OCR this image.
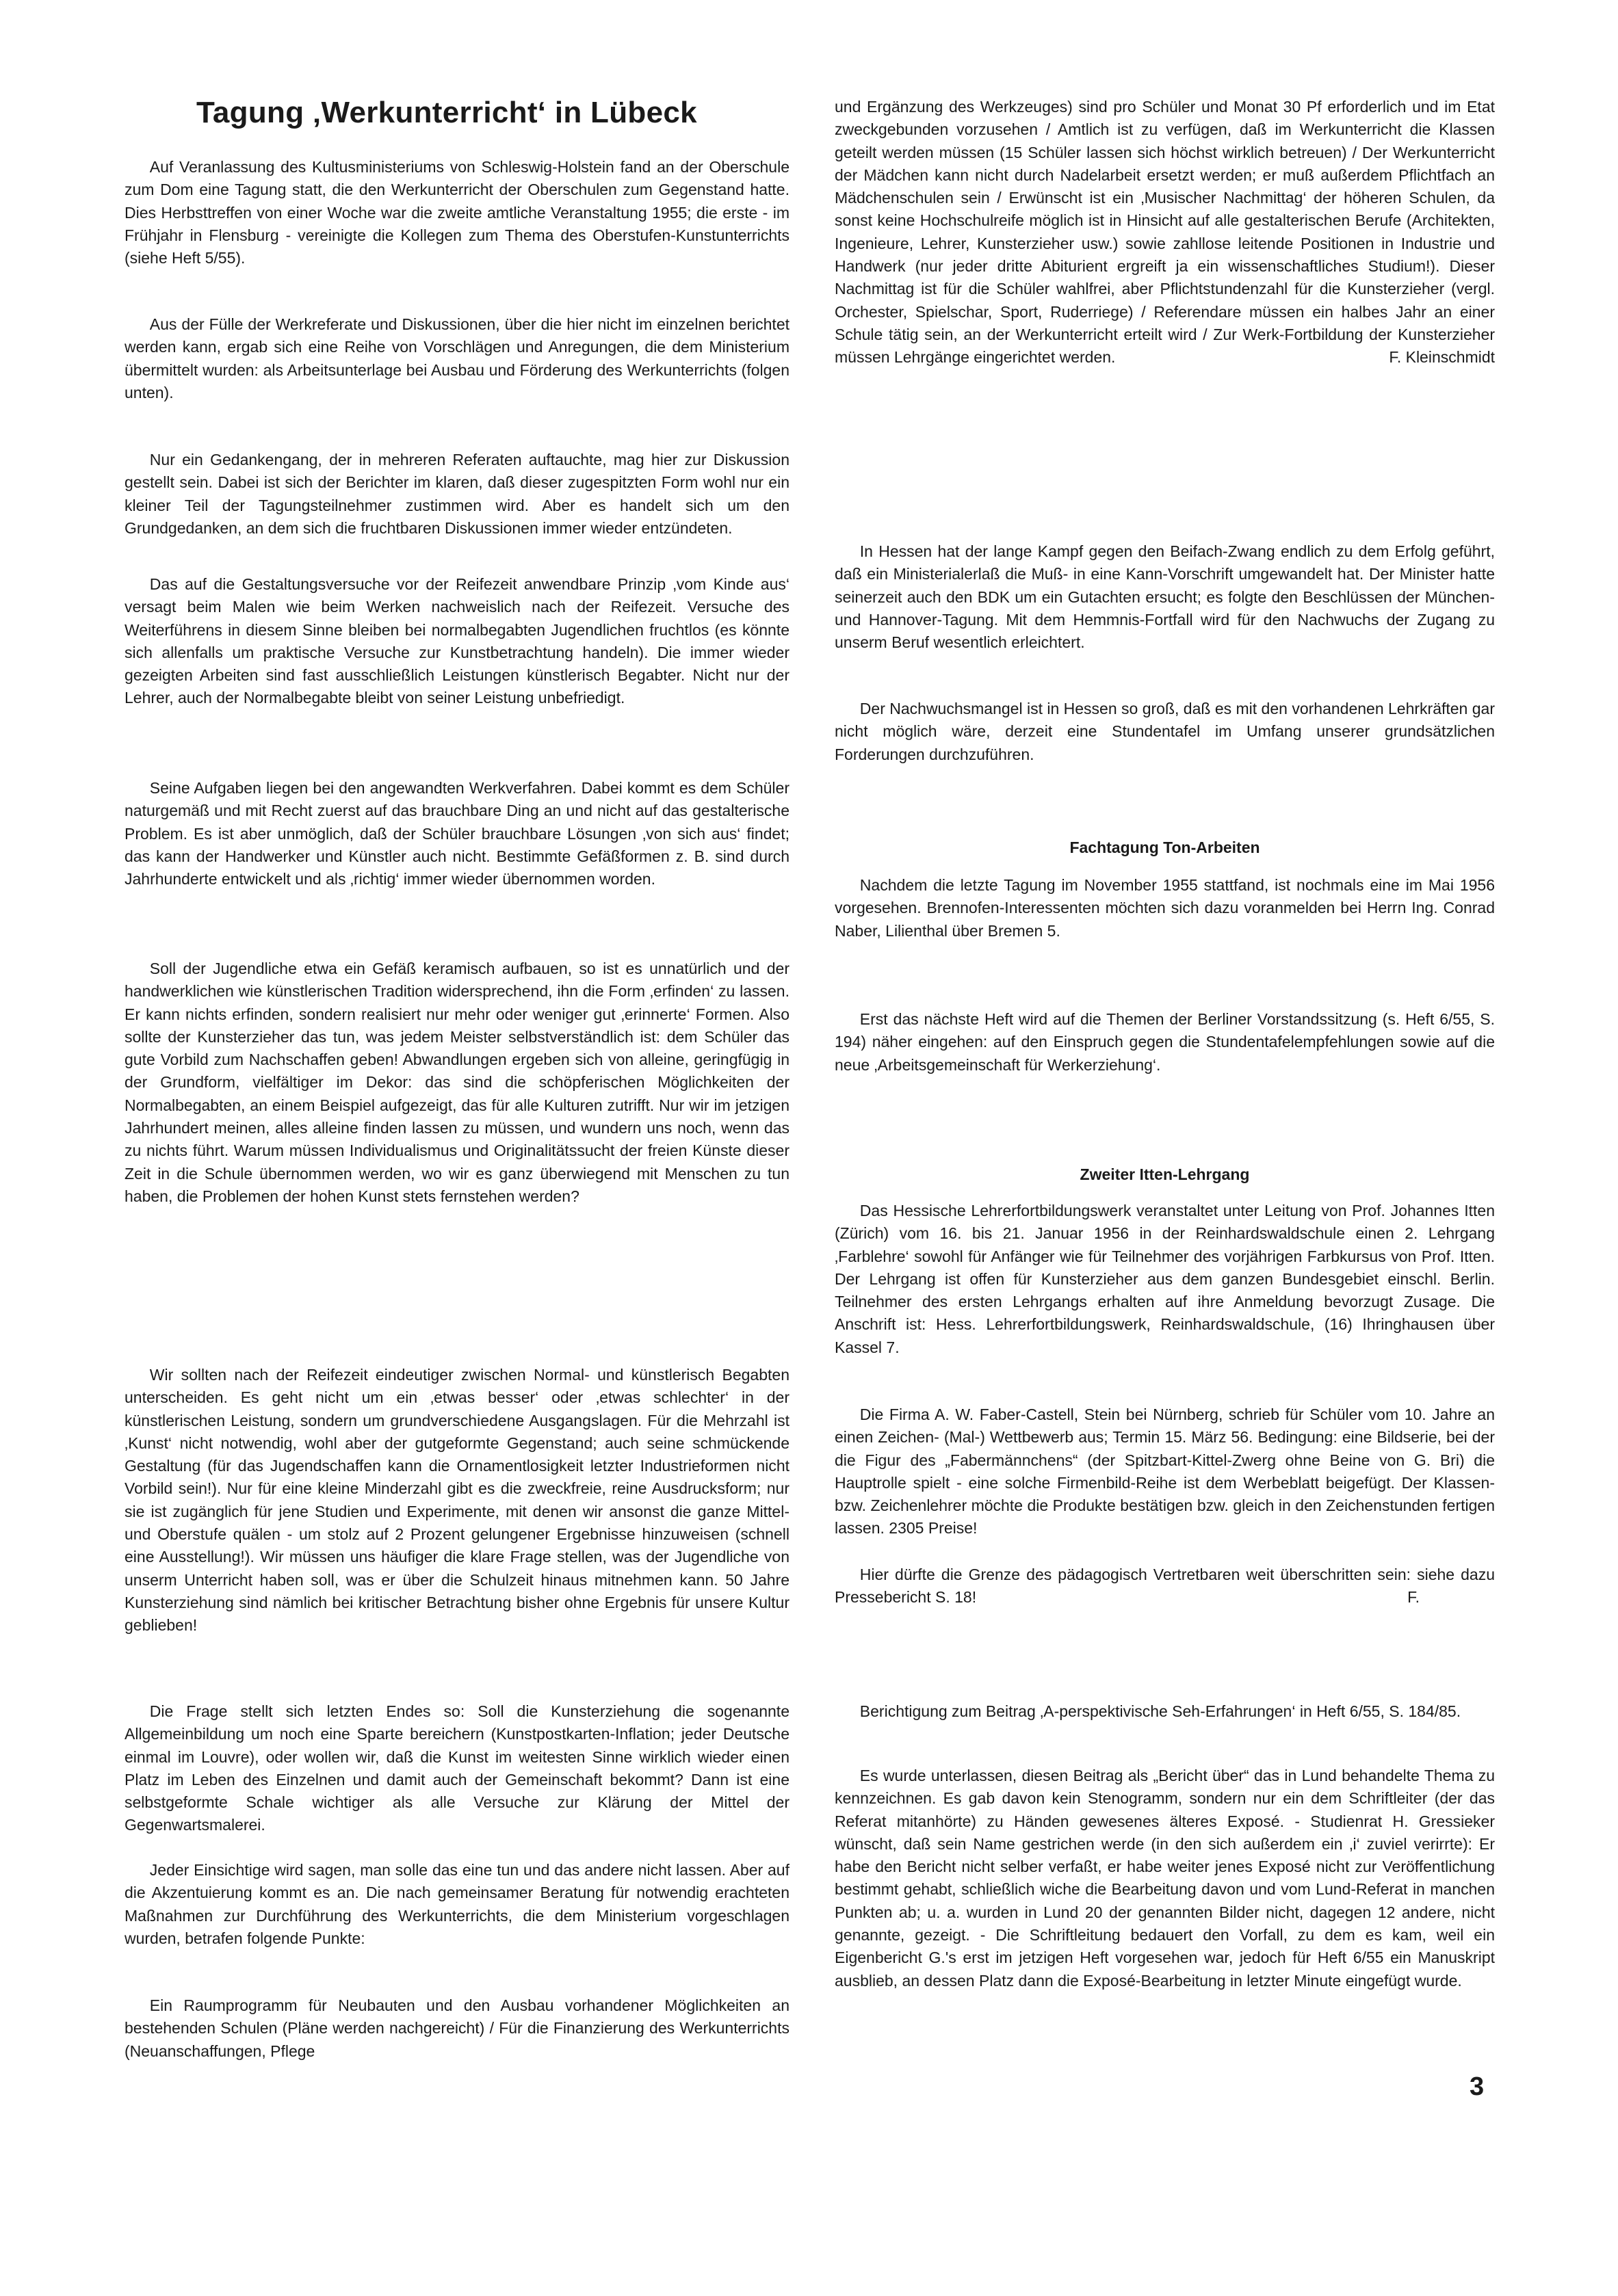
Tagung ‚Werkunterricht‘ in Lübeck

Auf Veranlassung des Kultusministeriums von Schleswig-Holstein fand an der Oberschule zum Dom eine Tagung statt, die den Werkunterricht der Oberschulen zum Gegenstand hatte. Dies Herbsttreffen von einer Woche war die zweite amtliche Veranstaltung 1955; die erste - im Frühjahr in Flensburg - vereinigte die Kollegen zum Thema des Oberstufen-Kunstunterrichts (siehe Heft 5/55).

Aus der Fülle der Werkreferate und Diskussionen, über die hier nicht im einzelnen berichtet werden kann, ergab sich eine Reihe von Vorschlägen und Anregungen, die dem Ministerium übermittelt wurden: als Arbeitsunterlage bei Ausbau und Förderung des Werkunterrichts (folgen unten).

Nur ein Gedankengang, der in mehreren Referaten auftauchte, mag hier zur Diskussion gestellt sein. Dabei ist sich der Berichter im klaren, daß dieser zugespitzten Form wohl nur ein kleiner Teil der Tagungsteilnehmer zustimmen wird. Aber es handelt sich um den Grundgedanken, an dem sich die fruchtbaren Diskussionen immer wieder entzündeten.

Das auf die Gestaltungsversuche vor der Reifezeit anwendbare Prinzip ‚vom Kinde aus‘ versagt beim Malen wie beim Werken nachweislich nach der Reifezeit. Versuche des Weiterführens in diesem Sinne bleiben bei normalbegabten Jugendlichen fruchtlos (es könnte sich allenfalls um praktische Versuche zur Kunstbetrachtung handeln). Die immer wieder gezeigten Arbeiten sind fast ausschließlich Leistungen künstlerisch Begabter. Nicht nur der Lehrer, auch der Normalbegabte bleibt von seiner Leistung unbefriedigt.

Seine Aufgaben liegen bei den angewandten Werkverfahren. Dabei kommt es dem Schüler naturgemäß und mit Recht zuerst auf das brauchbare Ding an und nicht auf das gestalterische Problem. Es ist aber unmöglich, daß der Schüler brauchbare Lösungen ‚von sich aus‘ findet; das kann der Handwerker und Künstler auch nicht. Bestimmte Gefäßformen z. B. sind durch Jahrhunderte entwickelt und als ‚richtig‘ immer wieder übernommen worden.

Soll der Jugendliche etwa ein Gefäß keramisch aufbauen, so ist es unnatürlich und der handwerklichen wie künstlerischen Tradition widersprechend, ihn die Form ‚erfinden‘ zu lassen. Er kann nichts erfinden, sondern realisiert nur mehr oder weniger gut ‚erinnerte‘ Formen. Also sollte der Kunsterzieher das tun, was jedem Meister selbstverständlich ist: dem Schüler das gute Vorbild zum Nachschaffen geben! Abwandlungen ergeben sich von alleine, geringfügig in der Grundform, vielfältiger im Dekor: das sind die schöpferischen Möglichkeiten der Normalbegabten, an einem Beispiel aufgezeigt, das für alle Kulturen zutrifft. Nur wir im jetzigen Jahrhundert meinen, alles alleine finden lassen zu müssen, und wundern uns noch, wenn das zu nichts führt. Warum müssen Individualismus und Originalitätssucht der freien Künste dieser Zeit in die Schule übernommen werden, wo wir es ganz überwiegend mit Menschen zu tun haben, die Problemen der hohen Kunst stets fernstehen werden?

Wir sollten nach der Reifezeit eindeutiger zwischen Normal- und künstlerisch Begabten unterscheiden. Es geht nicht um ein ‚etwas besser‘ oder ‚etwas schlechter‘ in der künstlerischen Leistung, sondern um grundverschiedene Ausgangslagen. Für die Mehrzahl ist ‚Kunst‘ nicht notwendig, wohl aber der gutgeformte Gegenstand; auch seine schmückende Gestaltung (für das Jugendschaffen kann die Ornamentlosigkeit letzter Industrieformen nicht Vorbild sein!). Nur für eine kleine Minderzahl gibt es die zweckfreie, reine Ausdrucksform; nur sie ist zugänglich für jene Studien und Experimente, mit denen wir ansonst die ganze Mittel- und Oberstufe quälen - um stolz auf 2 Prozent gelungener Ergebnisse hinzuweisen (schnell eine Ausstellung!). Wir müssen uns häufiger die klare Frage stellen, was der Jugendliche von unserm Unterricht haben soll, was er über die Schulzeit hinaus mitnehmen kann. 50 Jahre Kunsterziehung sind nämlich bei kritischer Betrachtung bisher ohne Ergebnis für unsere Kultur geblieben!

Die Frage stellt sich letzten Endes so: Soll die Kunsterziehung die sogenannte Allgemeinbildung um noch eine Sparte bereichern (Kunstpostkarten-Inflation; jeder Deutsche einmal im Louvre), oder wollen wir, daß die Kunst im weitesten Sinne wirklich wieder einen Platz im Leben des Einzelnen und damit auch der Gemeinschaft bekommt? Dann ist eine selbstgeformte Schale wichtiger als alle Versuche zur Klärung der Mittel der Gegenwartsmalerei.

Jeder Einsichtige wird sagen, man solle das eine tun und das andere nicht lassen. Aber auf die Akzentuierung kommt es an. Die nach gemeinsamer Beratung für notwendig erachteten Maßnahmen zur Durchführung des Werkunterrichts, die dem Ministerium vorgeschlagen wurden, betrafen folgende Punkte:

Ein Raumprogramm für Neubauten und den Ausbau vorhandener Möglichkeiten an bestehenden Schulen (Pläne werden nachgereicht) / Für die Finanzierung des Werkunterrichts (Neuanschaffungen, Pflege

und Ergänzung des Werkzeuges) sind pro Schüler und Monat 30 Pf erforderlich und im Etat zweckgebunden vorzusehen / Amtlich ist zu verfügen, daß im Werkunterricht die Klassen geteilt werden müssen (15 Schüler lassen sich höchst wirklich betreuen) / Der Werkunterricht der Mädchen kann nicht durch Nadelarbeit ersetzt werden; er muß außerdem Pflichtfach an Mädchenschulen sein / Erwünscht ist ein ‚Musischer Nachmittag‘ der höheren Schulen, da sonst keine Hochschulreife möglich ist in Hinsicht auf alle gestalterischen Berufe (Architekten, Ingenieure, Lehrer, Kunsterzieher usw.) sowie zahllose leitende Positionen in Industrie und Handwerk (nur jeder dritte Abiturient ergreift ja ein wissenschaftliches Studium!). Dieser Nachmittag ist für die Schüler wahlfrei, aber Pflichtstundenzahl für die Kunsterzieher (vergl. Orchester, Spielschar, Sport, Ruderriege) / Referendare müssen ein halbes Jahr an einer Schule tätig sein, an der Werkunterricht erteilt wird / Zur Werk-Fortbildung der Kunsterzieher müssen Lehrgänge eingerichtet werden.	F. Kleinschmidt

In Hessen hat der lange Kampf gegen den Beifach-Zwang endlich zu dem Erfolg geführt, daß ein Ministerialerlaß die Muß- in eine Kann-Vorschrift umgewandelt hat. Der Minister hatte seinerzeit auch den BDK um ein Gutachten ersucht; es folgte den Beschlüssen der München- und Hannover-Tagung. Mit dem Hemmnis-Fortfall wird für den Nachwuchs der Zugang zu unserm Beruf wesentlich erleichtert.

Der Nachwuchsmangel ist in Hessen so groß, daß es mit den vorhandenen Lehrkräften gar nicht möglich wäre, derzeit eine Stundentafel im Umfang unserer grundsätzlichen Forderungen durchzuführen.

Fachtagung Ton-Arbeiten

Nachdem die letzte Tagung im November 1955 stattfand, ist nochmals eine im Mai 1956 vorgesehen. Brennofen-Interessenten möchten sich dazu voranmelden bei Herrn Ing. Conrad Naber, Lilienthal über Bremen 5.

Erst das nächste Heft wird auf die Themen der Berliner Vorstandssitzung (s. Heft 6/55, S. 194) näher eingehen: auf den Einspruch gegen die Stundentafelempfehlungen sowie auf die neue ‚Arbeitsgemeinschaft für Werkerziehung‘.

Zweiter Itten-Lehrgang

Das Hessische Lehrerfortbildungswerk veranstaltet unter Leitung von Prof. Johannes Itten (Zürich) vom 16. bis 21. Januar 1956 in der Reinhardswaldschule einen 2. Lehrgang ‚Farblehre‘ sowohl für Anfänger wie für Teilnehmer des vorjährigen Farbkursus von Prof. Itten. Der Lehrgang ist offen für Kunsterzieher aus dem ganzen Bundesgebiet einschl. Berlin. Teilnehmer des ersten Lehrgangs erhalten auf ihre Anmeldung bevorzugt Zusage. Die Anschrift ist: Hess. Lehrerfortbildungswerk, Reinhardswaldschule, (16) Ihringhausen über Kassel 7.

Die Firma A. W. Faber-Castell, Stein bei Nürnberg, schrieb für Schüler vom 10. Jahre an einen Zeichen- (Mal-) Wettbewerb aus; Termin 15. März 56. Bedingung: eine Bildserie, bei der die Figur des „Fabermännchens“ (der Spitzbart-Kittel-Zwerg ohne Beine von G. Bri) die Hauptrolle spielt - eine solche Firmenbild-Reihe ist dem Werbeblatt beigefügt. Der Klassen- bzw. Zeichenlehrer möchte die Produkte bestätigen bzw. gleich in den Zeichenstunden fertigen lassen. 2305 Preise!

Hier dürfte die Grenze des pädagogisch Vertretbaren weit überschritten sein: siehe dazu Pressebericht S. 18!	F.

Berichtigung zum Beitrag ‚A-perspektivische Seh-Erfahrungen‘ in Heft 6/55, S. 184/85.

Es wurde unterlassen, diesen Beitrag als „Bericht über“ das in Lund behandelte Thema zu kennzeichnen. Es gab davon kein Stenogramm, sondern nur ein dem Schriftleiter (der das Referat mitanhörte) zu Händen gewesenes älteres Exposé. - Studienrat H. Gressieker wünscht, daß sein Name gestrichen werde (in den sich außerdem ein ‚i‘ zuviel verirrte): Er habe den Bericht nicht selber verfaßt, er habe weiter jenes Exposé nicht zur Veröffentlichung bestimmt gehabt, schließlich wiche die Bearbeitung davon und vom Lund-Referat in manchen Punkten ab; u. a. wurden in Lund 20 der genannten Bilder nicht, dagegen 12 andere, nicht genannte, gezeigt. - Die Schriftleitung bedauert den Vorfall, zu dem es kam, weil ein Eigenbericht G.'s erst im jetzigen Heft vorgesehen war, jedoch für Heft 6/55 ein Manuskript ausblieb, an dessen Platz dann die Exposé-Bearbeitung in letzter Minute eingefügt wurde.

3
